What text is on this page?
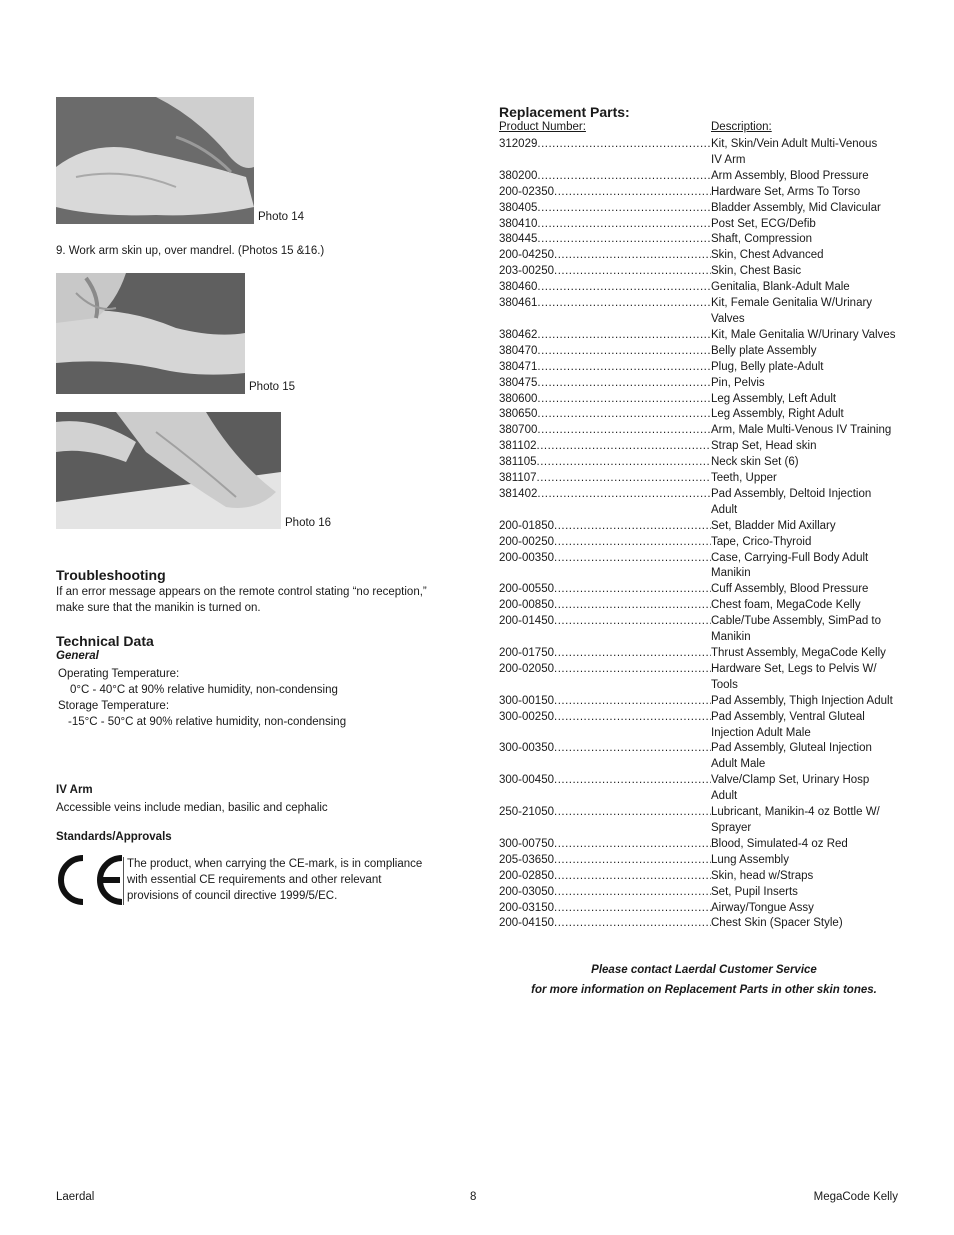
Photo 14
9. Work arm skin up, over mandrel. (Photos 15 &16.)
Photo 15
Photo 16
Troubleshooting
If an error message appears on the remote control stating “no reception,” make sure that the manikin is turned on.
Technical Data
General
Operating Temperature:
0°C - 40°C at 90% relative humidity, non-condensing
Storage Temperature:
-15°C - 50°C at 90% relative humidity, non-condensing
IV Arm
Accessible veins include median, basilic and cephalic
Standards/Approvals
The product, when carrying the CE-mark, is in compliance with essential CE requirements and other relevant provisions of council directive 1999/5/EC.
Replacement Parts:
Product Number:	Description:
312029 .....	Kit, Skin/Vein Adult Multi-Venous
IV Arm
380200 .....	Arm Assembly, Blood Pressure
200-02350 .....	Hardware Set, Arms To Torso
380405 .....	Bladder Assembly, Mid Clavicular
380410 .....	Post Set, ECG/Defib
380445 .....	Shaft, Compression
200-04250 .....	Skin, Chest Advanced
203-00250 .....	Skin, Chest Basic
380460 .....	Genitalia, Blank-Adult Male
380461 .....	Kit, Female Genitalia W/Urinary
Valves
380462 .....	Kit, Male Genitalia W/Urinary Valves
380470 .....	Belly plate Assembly
380471 .....	Plug, Belly plate-Adult
380475 .....	Pin, Pelvis
380600 .....	Leg Assembly, Left Adult
380650 .....	Leg Assembly, Right Adult
380700 .....	Arm, Male Multi-Venous IV Training
381102 .....	Strap Set, Head skin
381105 .....	Neck skin Set (6)
381107 .....	Teeth, Upper
381402 .....	Pad Assembly, Deltoid Injection
Adult
200-01850 .....	Set, Bladder Mid Axillary
200-00250 .....	Tape, Crico-Thyroid
200-00350 .....	Case, Carrying-Full Body Adult
Manikin
200-00550 .....	Cuff Assembly, Blood Pressure
200-00850 .....	Chest foam, MegaCode Kelly
200-01450 .....	Cable/Tube Assembly, SimPad to
Manikin
200-01750 .....	Thrust Assembly, MegaCode Kelly
200-02050 .....	Hardware Set, Legs to Pelvis W/
Tools
300-00150 .....	Pad Assembly, Thigh Injection Adult
300-00250 .....	Pad Assembly, Ventral Gluteal
Injection Adult Male
300-00350 .....	Pad Assembly, Gluteal Injection
Adult Male
300-00450 .....	Valve/Clamp Set, Urinary Hosp
Adult
250-21050 .....	Lubricant, Manikin-4 oz Bottle W/
Sprayer
300-00750 .....	Blood, Simulated-4 oz Red
205-03650 .....	Lung Assembly
200-02850 .....	Skin, head w/Straps
200-03050 .....	Set, Pupil Inserts
200-03150 .....	Airway/Tongue Assy
200-04150 .....	Chest Skin (Spacer Style)
Please contact Laerdal Customer Service
for more information on Replacement Parts in other skin tones.
Laerdal	8	MegaCode Kelly
